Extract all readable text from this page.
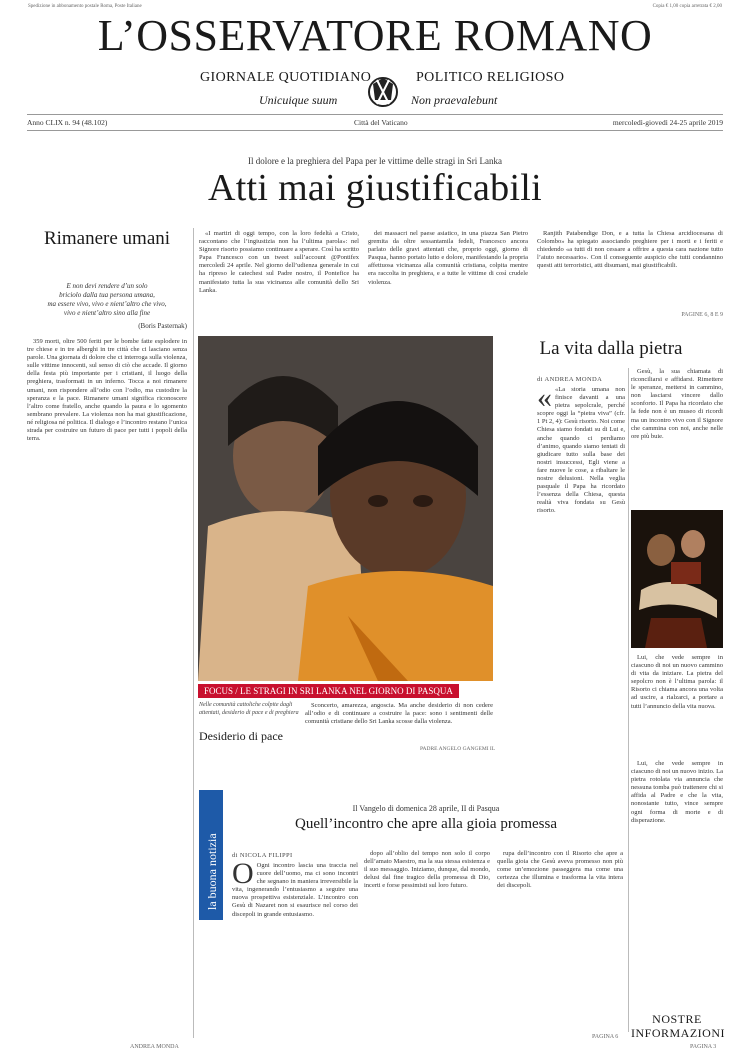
Spedizione in abbonamento postale Roma, Poste Italiane	Copia € 1,00 copia arretrata € 2,00
L’OSSERVATORE ROMANO
GIORNALE QUOTIDIANO	POLITICO RELIGIOSO
Unicuique suum	Non praevalebunt
Anno CLIX n. 94 (48.102)	Città del Vaticano	mercoledì-giovedì 24-25 aprile 2019
Il dolore e la preghiera del Papa per le vittime delle stragi in Sri Lanka
Atti mai giustificabili
Rimanere umani
E non devi rendere d’un solo
briciolo dalla tua persona umana,
ma essere vivo, vivo e nient’altro che vivo,
vivo e nient’altro sino alla fine
(Boris Pasternak)

359 morti, oltre 500 feriti per le bombe fatte esplodere in tre chiese e in tre alberghi in tre città che ci lasciano senza parole. Una giornata di dolore che ci interroga sulla violenza, sulle vittime innocenti, sul senso di ciò che accade. Il giorno della festa più importante per i cristiani, il luogo della preghiera, trasformati in un inferno. Tocca a noi rimanere umani, non rispondere all’odio con l’odio, ma custodire la speranza e la pace. Rimanere umani significa riconoscere l’altro come fratello, anche quando la paura e lo sgomento sembrano prevalere. La violenza non ha mai giustificazione, né religiosa né politica. Il dialogo e l’incontro restano l’unica strada per costruire un futuro di pace per tutti i popoli della terra.

«I martiri di oggi tempo, con la loro fedeltà a Cristo, raccontano che l’ingiustizia non ha l’ultima parola»: nel Signore risorto possiamo continuare a sperare. Così ha scritto Papa Francesco con un tweet sull’account @Pontifex mercoledì 24 aprile. Nel giorno dell’udienza generale in cui ha ripreso le catechesi sul Padre nostro, il Pontefice ha manifestato tutta la sua vicinanza alle comunità dello Sri Lanka.

dei massacri nel paese asiatico, in una piazza San Pietro gremita da oltre sessantamila fedeli, Francesco ancora parlato delle gravi attentati che, proprio oggi, giorno di Pasqua, hanno portato lutto e dolore, manifestando la propria affettuosa vicinanza alla comunità cristiana, colpita mentre era raccolta in preghiera, e a tutte le vittime di così crudele violenza.

Ranjith Patabendige Don, e a tutta la Chiesa arcidiocesana di Colombo» ha spiegato associando preghiere per i morti e i feriti e chiedendo «a tutti di non cessare a offrire a questa cara nazione tutto l’aiuto necessario». Con il conseguente auspicio che tutti condannino questi atti terroristici, atti disumani, mai giustificabili.

PAGINE 6, 8 E 9
FOCUS / LE STRAGI IN SRI LANKA NEL GIORNO DI PASQUA
Nelle comunità cattoliche colpite dagli attentati, desiderio di pace e di preghiera
Desiderio di pace

Sconcerto, amarezza, angoscia. Ma anche desiderio di non cedere all’odio e di continuare a costruire la pace: sono i sentimenti delle comunità cristiane dello Sri Lanka scosse dalla violenza.

PADRE ANGELO GANGEMI IL
La vita dalla pietra
di ANDREA MONDA
« «La storia umana non finisce davanti a una pietra sepolcrale, perché scopre oggi la “pietra viva” (cfr. 1 Pt 2, 4): Gesù risorto. Noi come Chiesa siamo fondati su di Lui e, anche quando ci perdiamo d’animo, quando siamo tentati di giudicare tutto sulla base dei nostri insuccessi, Egli viene a fare nuove le cose, a ribaltare le nostre delusioni. Nella veglia pasquale il Papa ha ricordato l’essenza della Chiesa, questa realtà viva fondata su Gesù risorto.

Gesù, la sua chiamata di riconciliarsi e affidarsi. Rimettere le speranze, mettersi in cammino, non lasciarsi vincere dallo sconforto. Il Papa ha ricordato che la fede non è un museo di ricordi ma un incontro vivo con il Signore che cammina con noi, anche nelle ore più buie.

Lui, che vede sempre in ciascuno di noi un nuovo cammino di vita da iniziare. La pietra del sepolcro non è l’ultima parola: il Risorto ci chiama ancora una volta ad uscire, a rialzarci, a portare a tutti l’annuncio della vita nuova.

la buona notizia
Il Vangelo di domenica 28 aprile, II di Pasqua
Quell’incontro che apre alla gioia promessa
di NICOLA FILIPPI
O Ogni incontro lascia una traccia nel cuore dell’uomo, ma ci sono incontri che segnano in maniera irreversibile la vita, ingenerando l’entusiasmo a seguire una nuova prospettiva esistenziale. L’incontro con Gesù di Nazaret non si esaurisce nel corso dei discepoli in grande entusiasmo.

dopo all’oblio del tempo non solo il corpo dell’amato Maestro, ma la sua stessa esistenza e il suo messaggio. Iniziamo, dunque, dal mondo, delusi dal fine tragico della promessa di Dio, incerti e forse pessimisti sul loro futuro.

rupa dell’incontro con il Risorto che apre a quella gioia che Gesù aveva promesso non più come un’emozione passeggera ma come una certezza che illumina e trasforma la vita intera dei discepoli.

PAGINA 6

Lui, che vede sempre in ciascuno di noi un nuovo inizio. La pietra rotolata via annuncia che nessuna tomba può trattenere chi si affida al Padre e che la vita, nonostante tutto, vince sempre ogni forma di morte e di disperazione.

NOSTRE INFORMAZIONI
ANDREA MONDA	PAGINA 3
